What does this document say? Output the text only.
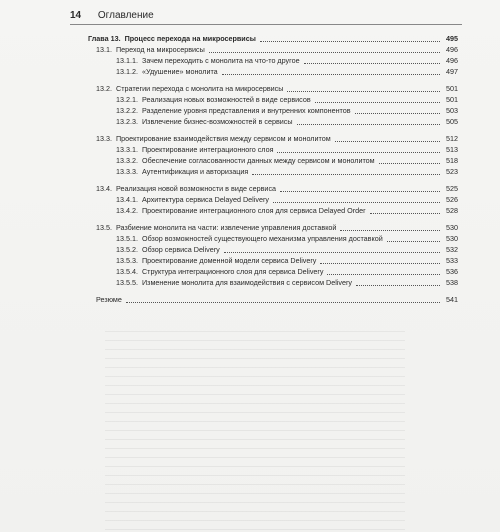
14 Оглавление
Глава 13. Процесс перехода на микросервисы	495
13.1. Переход на микросервисы	496
13.1.1. Зачем переходить с монолита на что-то другое	496
13.1.2. «Удушение» монолита	497
13.2. Стратегии перехода с монолита на микросервисы	501
13.2.1. Реализация новых возможностей в виде сервисов	501
13.2.2. Разделение уровня представления и внутренних компонентов	503
13.2.3. Извлечение бизнес-возможностей в сервисы	505
13.3. Проектирование взаимодействия между сервисом и монолитом	512
13.3.1. Проектирование интеграционного слоя	513
13.3.2. Обеспечение согласованности данных между сервисом и монолитом	518
13.3.3. Аутентификация и авторизация	523
13.4. Реализация новой возможности в виде сервиса	525
13.4.1. Архитектура сервиса Delayed Delivery	526
13.4.2. Проектирование интеграционного слоя для сервиса Delayed Order	528
13.5. Разбиение монолита на части: извлечение управления доставкой	530
13.5.1. Обзор возможностей существующего механизма управления доставкой	530
13.5.2. Обзор сервиса Delivery	532
13.5.3. Проектирование доменной модели сервиса Delivery	533
13.5.4. Структура интеграционного слоя для сервиса Delivery	536
13.5.5. Изменение монолита для взаимодействия с сервисом Delivery	538
Резюме	541
